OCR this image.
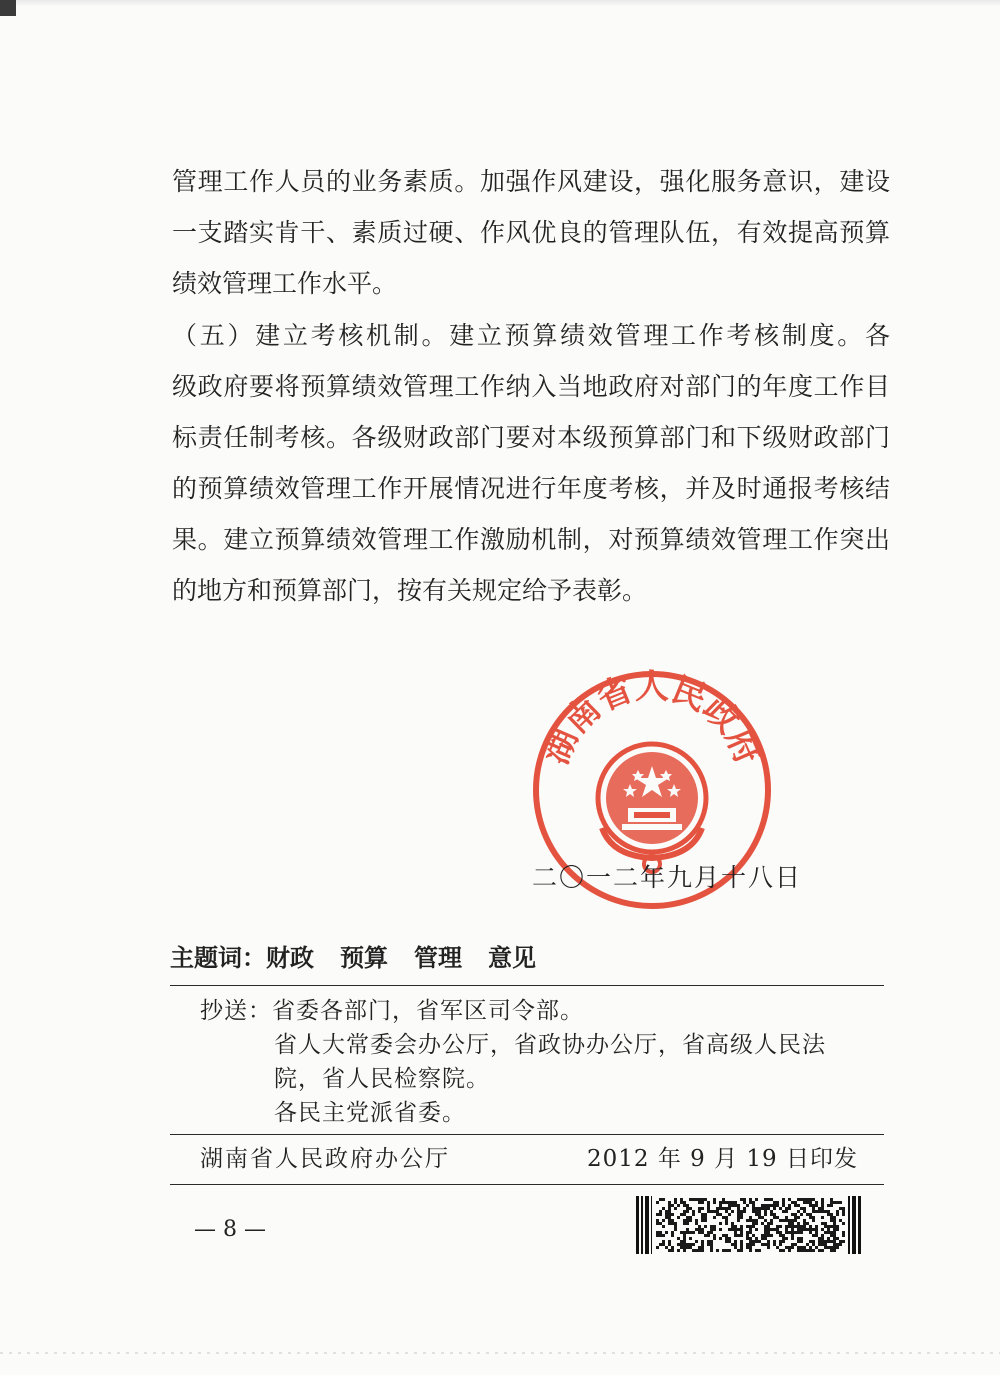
管理工作人员的业务素质。加强作风建设，强化服务意识，建设
一支踏实肯干、素质过硬、作风优良的管理队伍，有效提高预算
绩效管理工作水平。
（五）建立考核机制。建立预算绩效管理工作考核制度。各
级政府要将预算绩效管理工作纳入当地政府对部门的年度工作目
标责任制考核。各级财政部门要对本级预算部门和下级财政部门
的预算绩效管理工作开展情况进行年度考核，并及时通报考核结
果。建立预算绩效管理工作激励机制，对预算绩效管理工作突出
的地方和预算部门，按有关规定给予表彰。
湖南省人民政府
二〇一二年九月十八日
主题词：财政 预算 管理 意见
抄送：省委各部门，省军区司令部。
省人大常委会办公厅，省政协办公厅，省高级人民法
院，省人民检察院。
各民主党派省委。
湖南省人民政府办公厅	2012 年 9 月 19 日印发
— 8 —
